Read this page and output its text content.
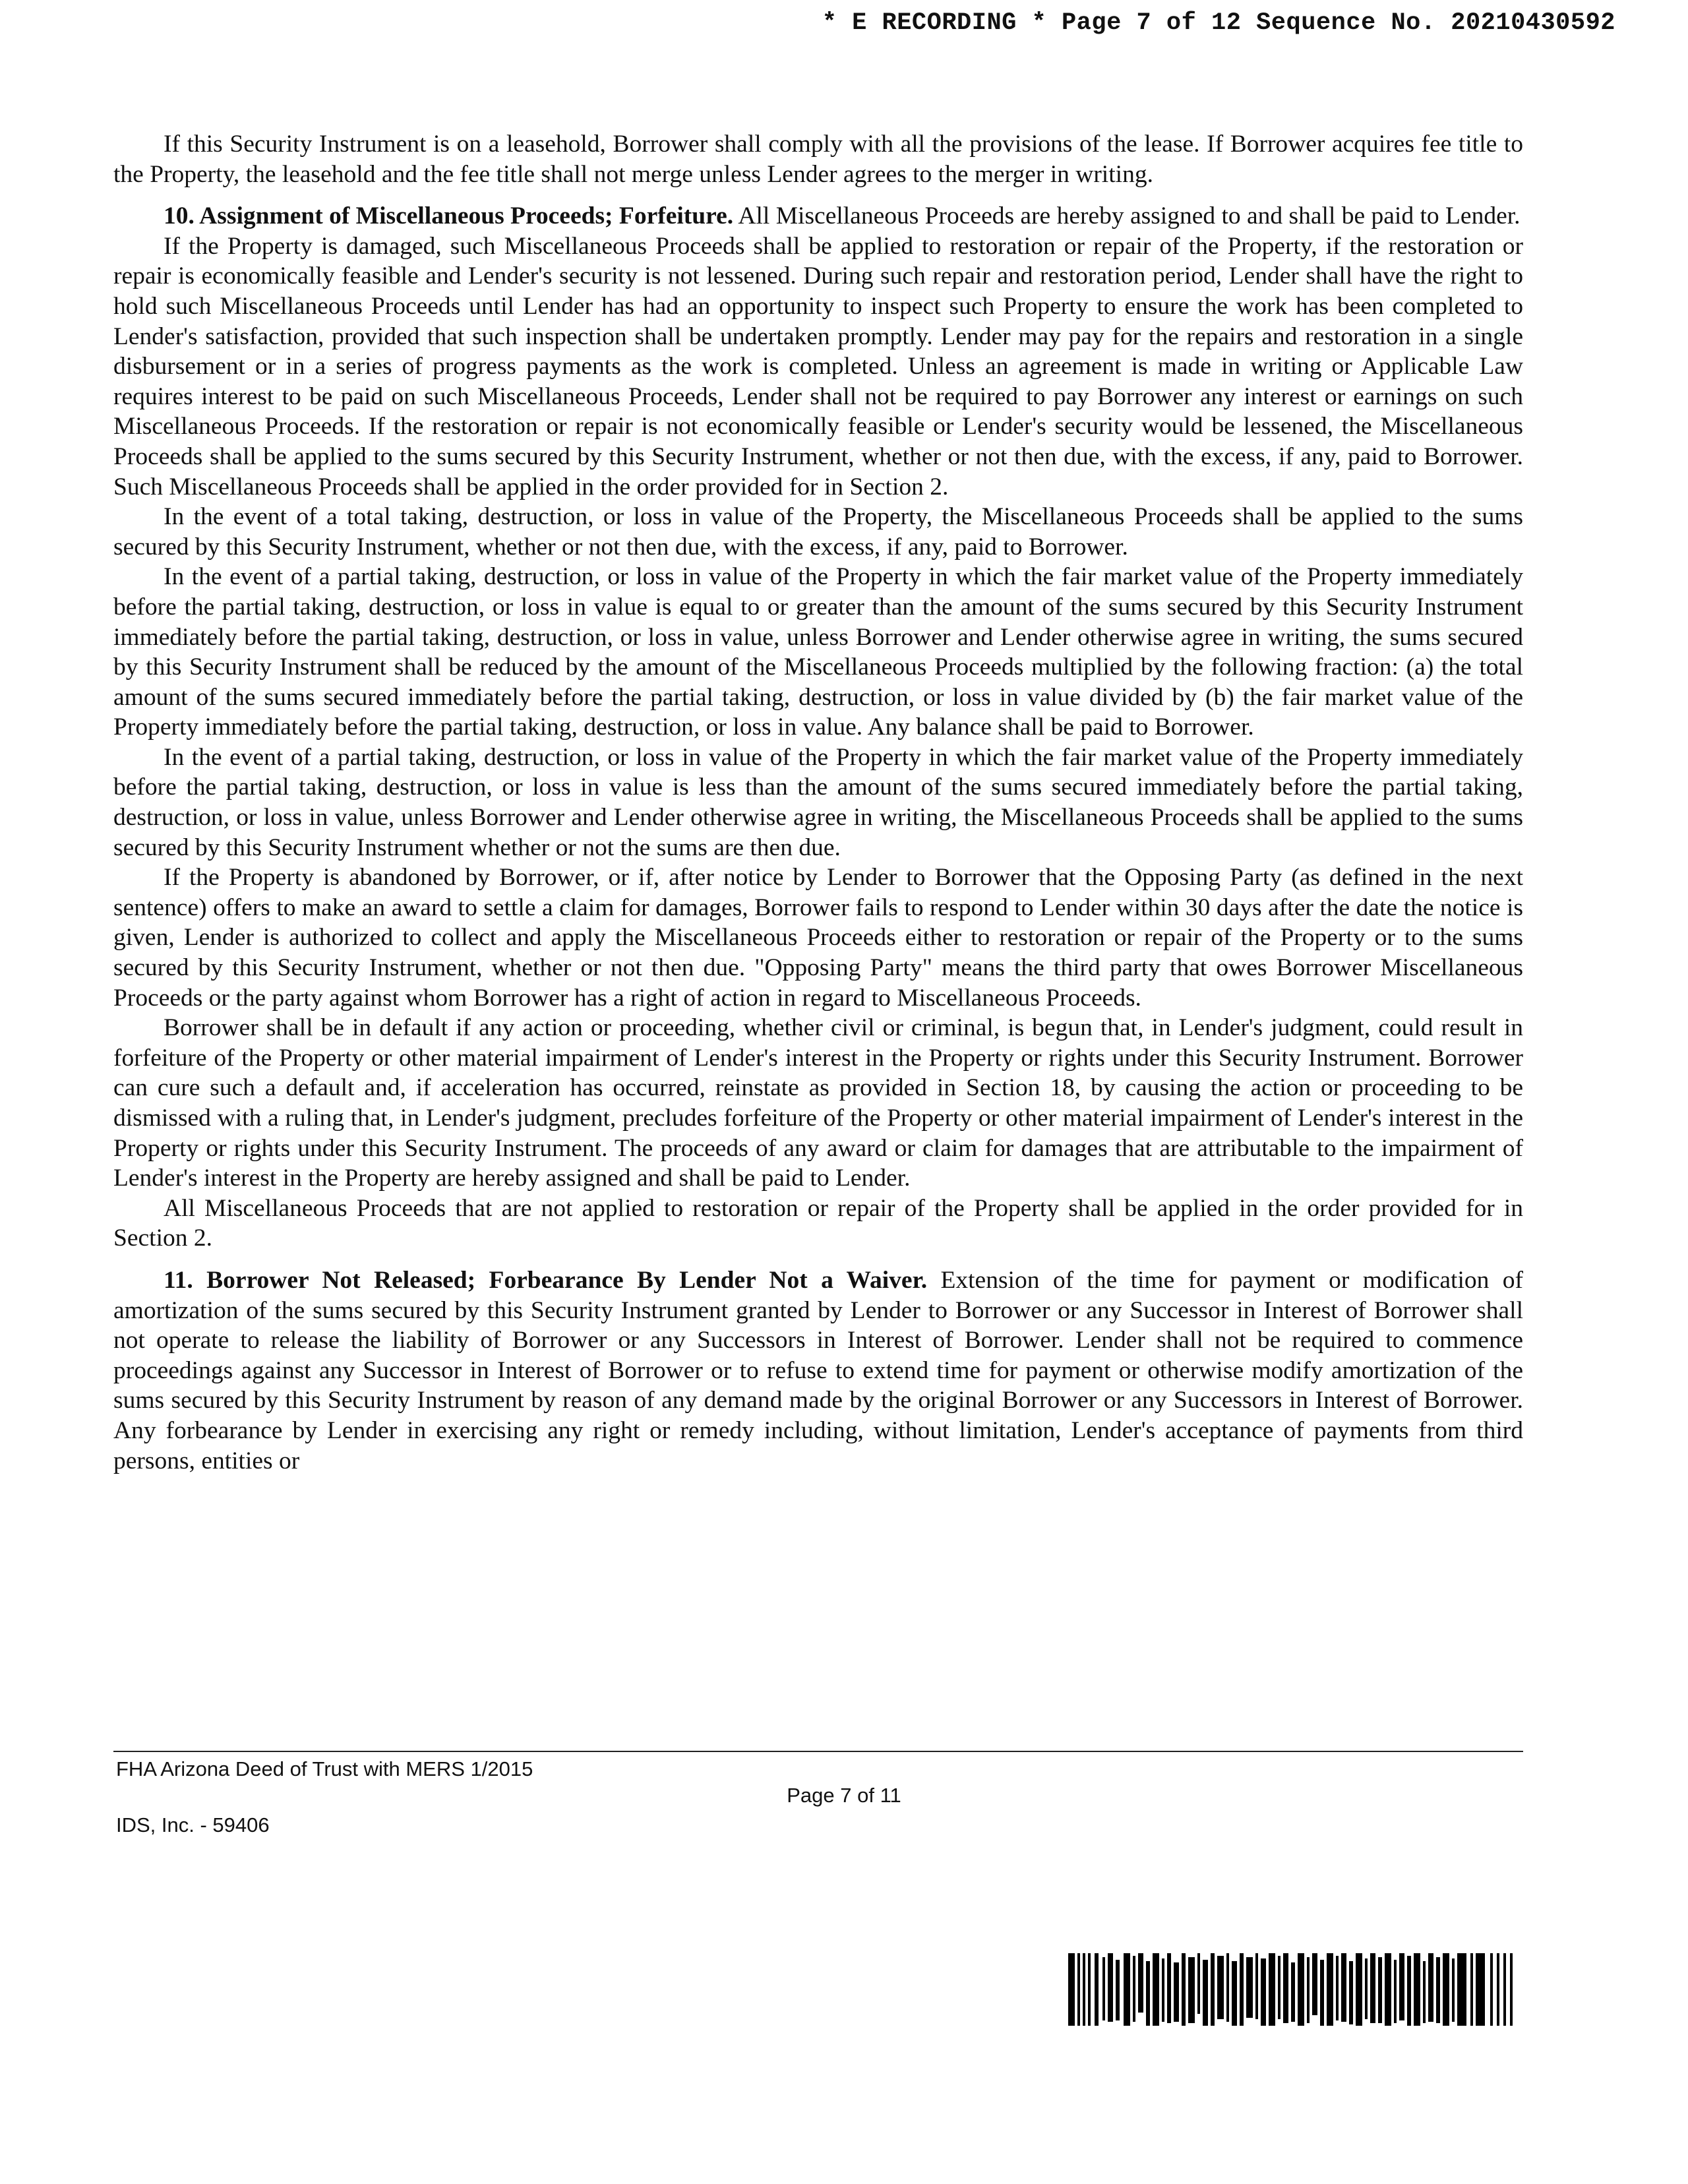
* E RECORDING * Page 7 of 12 Sequence No. 20210430592

If this Security Instrument is on a leasehold, Borrower shall comply with all the provisions of the lease. If Borrower acquires fee title to the Property, the leasehold and the fee title shall not merge unless Lender agrees to the merger in writing.

10. Assignment of Miscellaneous Proceeds; Forfeiture. All Miscellaneous Proceeds are hereby assigned to and shall be paid to Lender.

If the Property is damaged, such Miscellaneous Proceeds shall be applied to restoration or repair of the Property, if the restoration or repair is economically feasible and Lender's security is not lessened. During such repair and restoration period, Lender shall have the right to hold such Miscellaneous Proceeds until Lender has had an opportunity to inspect such Property to ensure the work has been completed to Lender's satisfaction, provided that such inspection shall be undertaken promptly. Lender may pay for the repairs and restoration in a single disbursement or in a series of progress payments as the work is completed. Unless an agreement is made in writing or Applicable Law requires interest to be paid on such Miscellaneous Proceeds, Lender shall not be required to pay Borrower any interest or earnings on such Miscellaneous Proceeds. If the restoration or repair is not economically feasible or Lender's security would be lessened, the Miscellaneous Proceeds shall be applied to the sums secured by this Security Instrument, whether or not then due, with the excess, if any, paid to Borrower. Such Miscellaneous Proceeds shall be applied in the order provided for in Section 2.

In the event of a total taking, destruction, or loss in value of the Property, the Miscellaneous Proceeds shall be applied to the sums secured by this Security Instrument, whether or not then due, with the excess, if any, paid to Borrower.

In the event of a partial taking, destruction, or loss in value of the Property in which the fair market value of the Property immediately before the partial taking, destruction, or loss in value is equal to or greater than the amount of the sums secured by this Security Instrument immediately before the partial taking, destruction, or loss in value, unless Borrower and Lender otherwise agree in writing, the sums secured by this Security Instrument shall be reduced by the amount of the Miscellaneous Proceeds multiplied by the following fraction: (a) the total amount of the sums secured immediately before the partial taking, destruction, or loss in value divided by (b) the fair market value of the Property immediately before the partial taking, destruction, or loss in value. Any balance shall be paid to Borrower.

In the event of a partial taking, destruction, or loss in value of the Property in which the fair market value of the Property immediately before the partial taking, destruction, or loss in value is less than the amount of the sums secured immediately before the partial taking, destruction, or loss in value, unless Borrower and Lender otherwise agree in writing, the Miscellaneous Proceeds shall be applied to the sums secured by this Security Instrument whether or not the sums are then due.

If the Property is abandoned by Borrower, or if, after notice by Lender to Borrower that the Opposing Party (as defined in the next sentence) offers to make an award to settle a claim for damages, Borrower fails to respond to Lender within 30 days after the date the notice is given, Lender is authorized to collect and apply the Miscellaneous Proceeds either to restoration or repair of the Property or to the sums secured by this Security Instrument, whether or not then due. "Opposing Party" means the third party that owes Borrower Miscellaneous Proceeds or the party against whom Borrower has a right of action in regard to Miscellaneous Proceeds.

Borrower shall be in default if any action or proceeding, whether civil or criminal, is begun that, in Lender's judgment, could result in forfeiture of the Property or other material impairment of Lender's interest in the Property or rights under this Security Instrument. Borrower can cure such a default and, if acceleration has occurred, reinstate as provided in Section 18, by causing the action or proceeding to be dismissed with a ruling that, in Lender's judgment, precludes forfeiture of the Property or other material impairment of Lender's interest in the Property or rights under this Security Instrument. The proceeds of any award or claim for damages that are attributable to the impairment of Lender's interest in the Property are hereby assigned and shall be paid to Lender.

All Miscellaneous Proceeds that are not applied to restoration or repair of the Property shall be applied in the order provided for in Section 2.

11. Borrower Not Released; Forbearance By Lender Not a Waiver. Extension of the time for payment or modification of amortization of the sums secured by this Security Instrument granted by Lender to Borrower or any Successor in Interest of Borrower shall not operate to release the liability of Borrower or any Successors in Interest of Borrower. Lender shall not be required to commence proceedings against any Successor in Interest of Borrower or to refuse to extend time for payment or otherwise modify amortization of the sums secured by this Security Instrument by reason of any demand made by the original Borrower or any Successors in Interest of Borrower. Any forbearance by Lender in exercising any right or remedy including, without limitation, Lender's acceptance of payments from third persons, entities or

FHA Arizona Deed of Trust with MERS 1/2015
Page 7 of 11
IDS, Inc. - 59406
